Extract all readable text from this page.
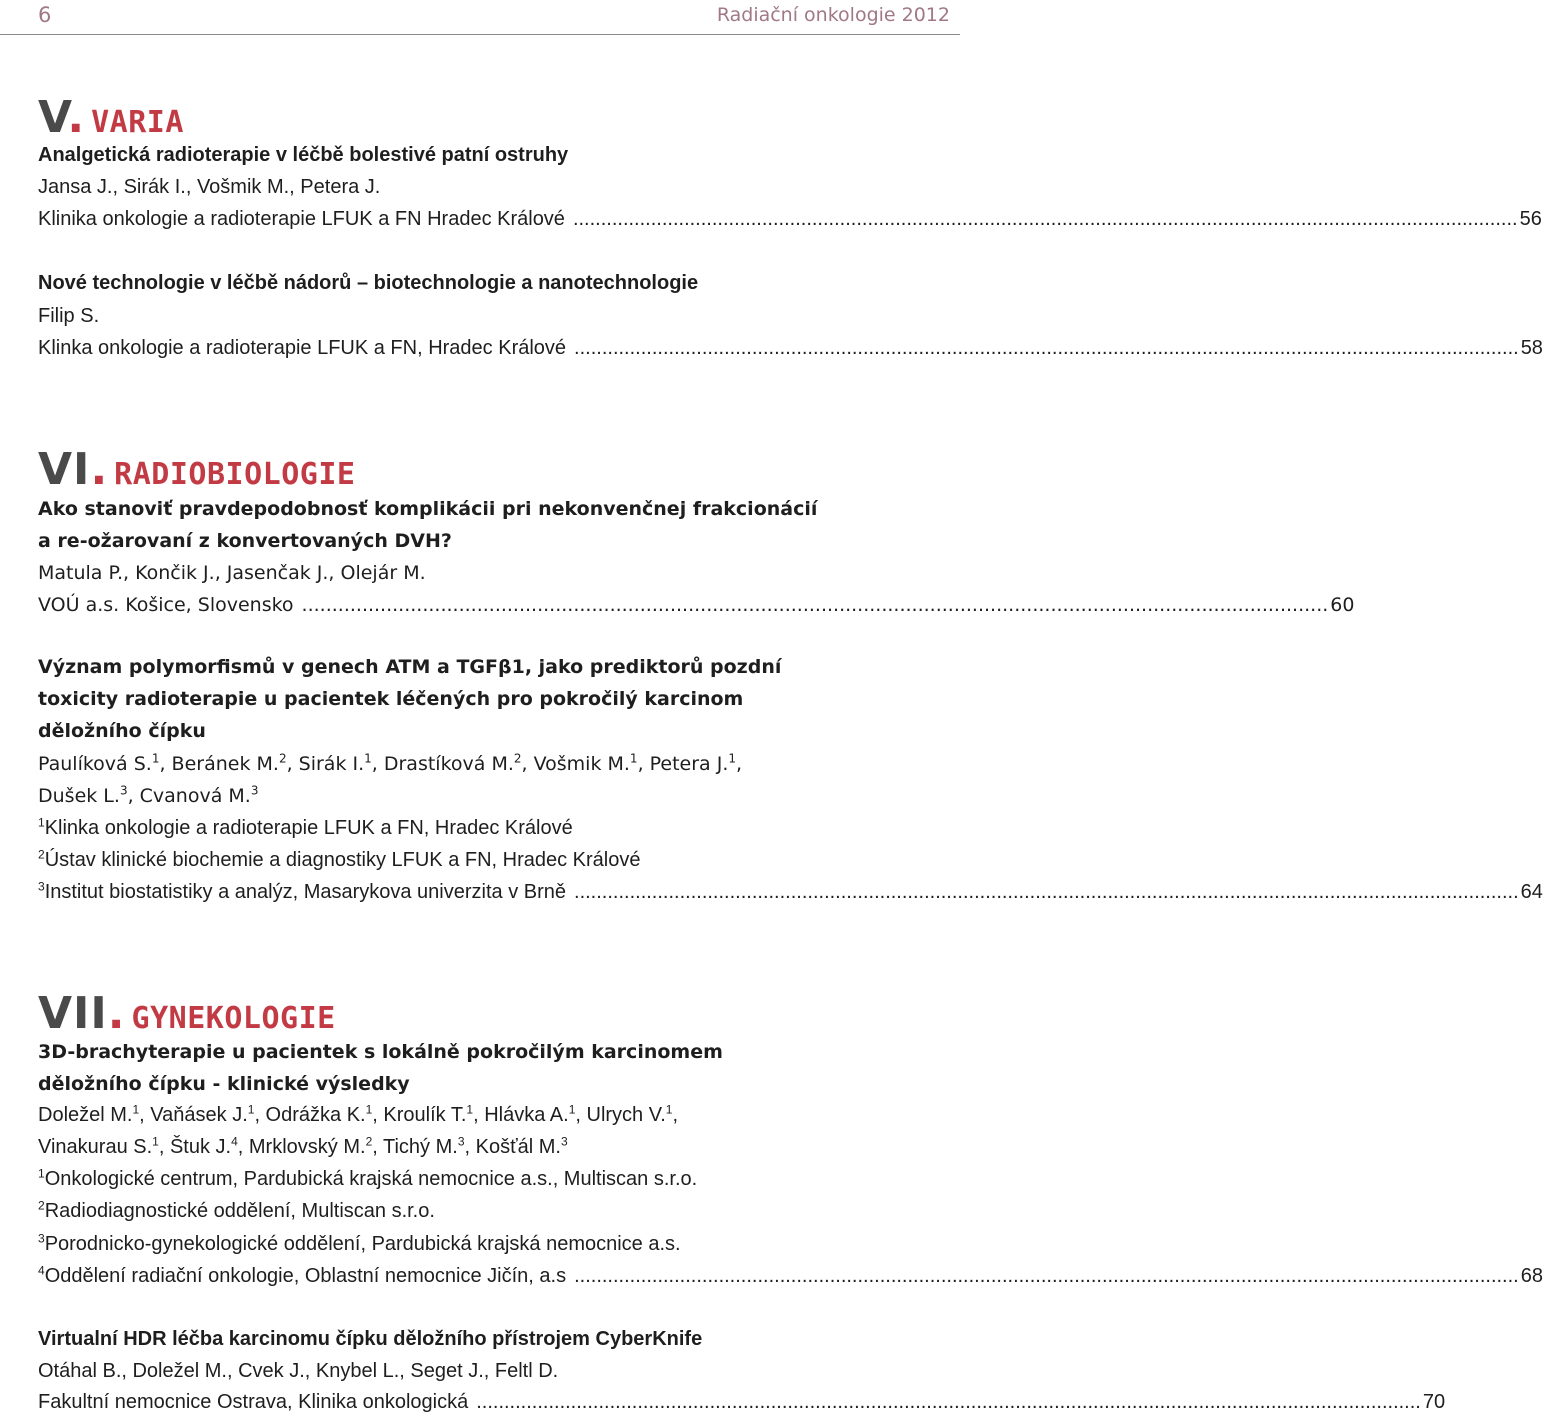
6	Radiační onkologie 2012
V. VARIA
Analgetická radioterapie v léčbě bolestivé patní ostruhy
Jansa J., Sirák I., Vošmik M., Petera J.
Klinika onkologie a radioterapie LFUK a FN Hradec Králové .......................................................................................................................................................................... 56
Nové technologie v léčbě nádorů – biotechnologie a nanotechnologie
Filip S.
Klinka onkologie a radioterapie LFUK a FN, Hradec Králové .......................................................................................................................................................................... 58
VI. RADIOBIOLOGIE
Ako stanoviť pravdepodobnosť komplikácii pri nekonvenčnej frakcionácií
a re-ožarovaní z konvertovaných DVH?
Matula P., Končik J., Jasenčak J., Olejár M.
VOÚ a.s. Košice, Slovensko .......................................................................................................................................................................... 60
Význam polymorfismů v genech ATM a TGFβ1, jako prediktorů pozdní
toxicity radioterapie u pacientek léčených pro pokročilý karcinom
děložního čípku
Paulíková S.$^1$, Beránek M.$^2$, Sirák I.$^1$, Drastíková M.$^2$, Vošmik M.$^1$, Petera J.$^1$,
Dušek L.$^3$, Cvanová M.$^3$
$^1$Klinka onkologie a radioterapie LFUK a FN, Hradec Králové
$^2$Ústav klinické biochemie a diagnostiky LFUK a FN, Hradec Králové
$^3$Institut biostatistiky a analýz, Masarykova univerzita v Brně .......................................................................................................................................................................... 64
VII. GYNEKOLOGIE
3D-brachyterapie u pacientek s lokálně pokročilým karcinomem
děložního čípku - klinické výsledky
Doležel M.$^1$, Vaňásek J.$^1$, Odrážka K.$^1$, Kroulík T.$^1$, Hlávka A.$^1$, Ulrych V.$^1$,
Vinakurau S.$^1$, Štuk J.$^4$, Mrklovský M.$^2$, Tichý M.$^3$, Košťál M.$^3$
$^1$Onkologické centrum, Pardubická krajská nemocnice a.s., Multiscan s.r.o.
$^2$Radiodiagnostické oddělení, Multiscan s.r.o.
$^3$Porodnicko-gynekologické oddělení, Pardubická krajská nemocnice a.s.
$^4$Oddělení radiační onkologie, Oblastní nemocnice Jičín, a.s .......................................................................................................................................................................... 68
Virtualní HDR léčba karcinomu čípku děložního přístrojem CyberKnife
Otáhal B., Doležel M., Cvek J., Knybel L., Seget J., Feltl D.
Fakultní nemocnice Ostrava, Klinika onkologická .......................................................................................................................................................................... 70
